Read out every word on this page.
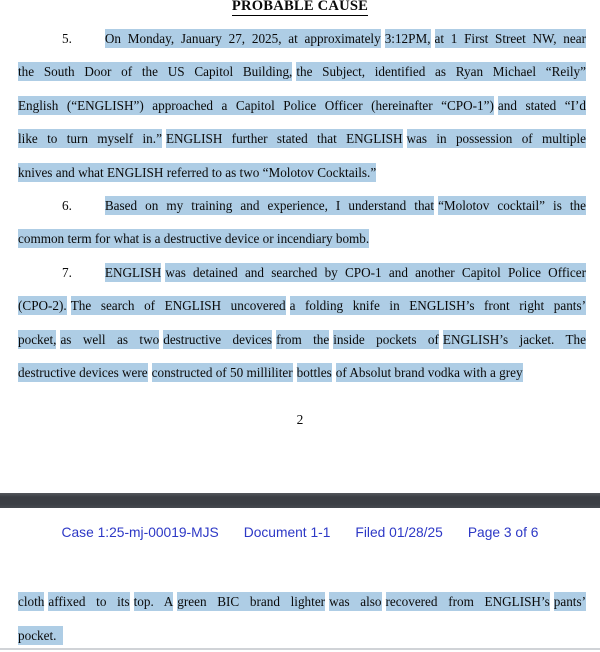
PROBABLE CAUSE
5.	On Monday, January 27, 2025, at approximately 3:12PM, at 1 First Street NW, near
the South Door of the US Capitol Building, the Subject, identified as Ryan Michael “Reily”
English (“ENGLISH”) approached a Capitol Police Officer (hereinafter “CPO-1”) and stated “I’d
like to turn myself in.” ENGLISH further stated that ENGLISH was in possession of multiple
knives and what ENGLISH referred to as two “Molotov Cocktails.”
6.	Based on my training and experience, I understand that “Molotov cocktail” is the
common term for what is a destructive device or incendiary bomb.
7.	ENGLISH was detained and searched by CPO-1 and another Capitol Police Officer
(CPO-2). The search of ENGLISH uncovered a folding knife in ENGLISH’s front right pants’
pocket, as well as two destructive devices from the inside pockets of ENGLISH’s jacket. The
destructive devices were constructed of 50 milliliter bottles of Absolut brand vodka with a grey
2
Case 1:25-mj-00019-MJS Document 1-1 Filed 01/28/25 Page 3 of 6
cloth affixed to its top. A green BIC brand lighter was also recovered from ENGLISH’s pants’
pocket.
